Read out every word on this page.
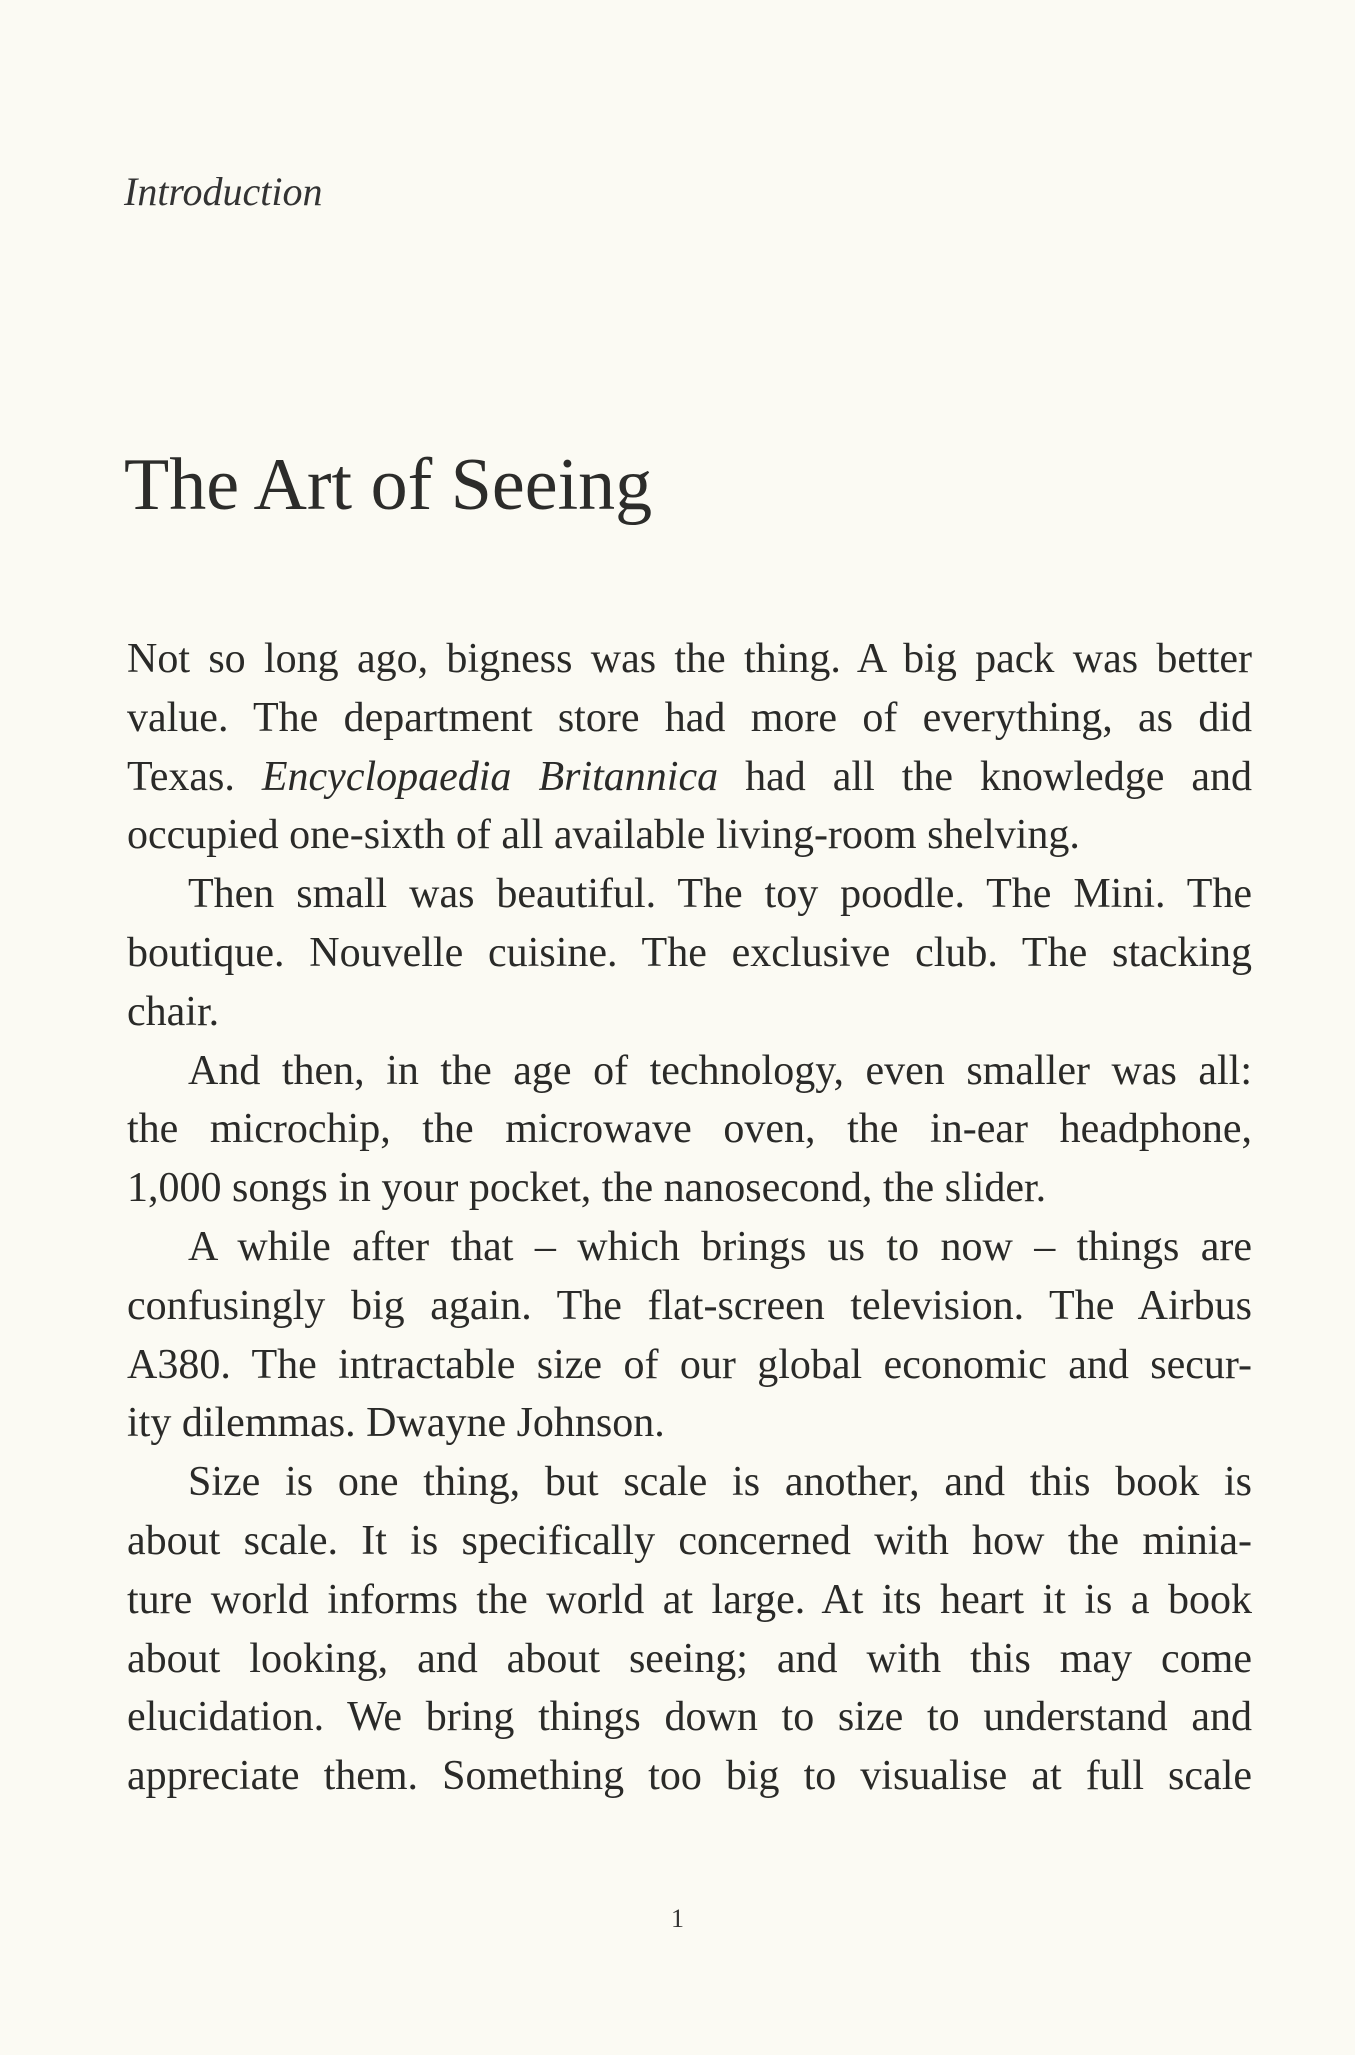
Introduction
The Art of Seeing
Not so long ago, bigness was the thing. A big pack was better
value. The department store had more of everything, as did
Texas. Encyclopaedia Britannica had all the knowledge and
occupied one-sixth of all available living-room shelving.
Then small was beautiful. The toy poodle. The Mini. The
boutique. Nouvelle cuisine. The exclusive club. The stacking
chair.
And then, in the age of technology, even smaller was all:
the microchip, the microwave oven, the in-ear headphone,
1,000 songs in your pocket, the nanosecond, the slider.
A while after that – which brings us to now – things are
confusingly big again. The flat-screen television. The Airbus
A380. The intractable size of our global economic and secur-
ity dilemmas. Dwayne Johnson.
Size is one thing, but scale is another, and this book is
about scale. It is specifically concerned with how the minia-
ture world informs the world at large. At its heart it is a book
about looking, and about seeing; and with this may come
elucidation. We bring things down to size to understand and
appreciate them. Something too big to visualise at full scale
1
